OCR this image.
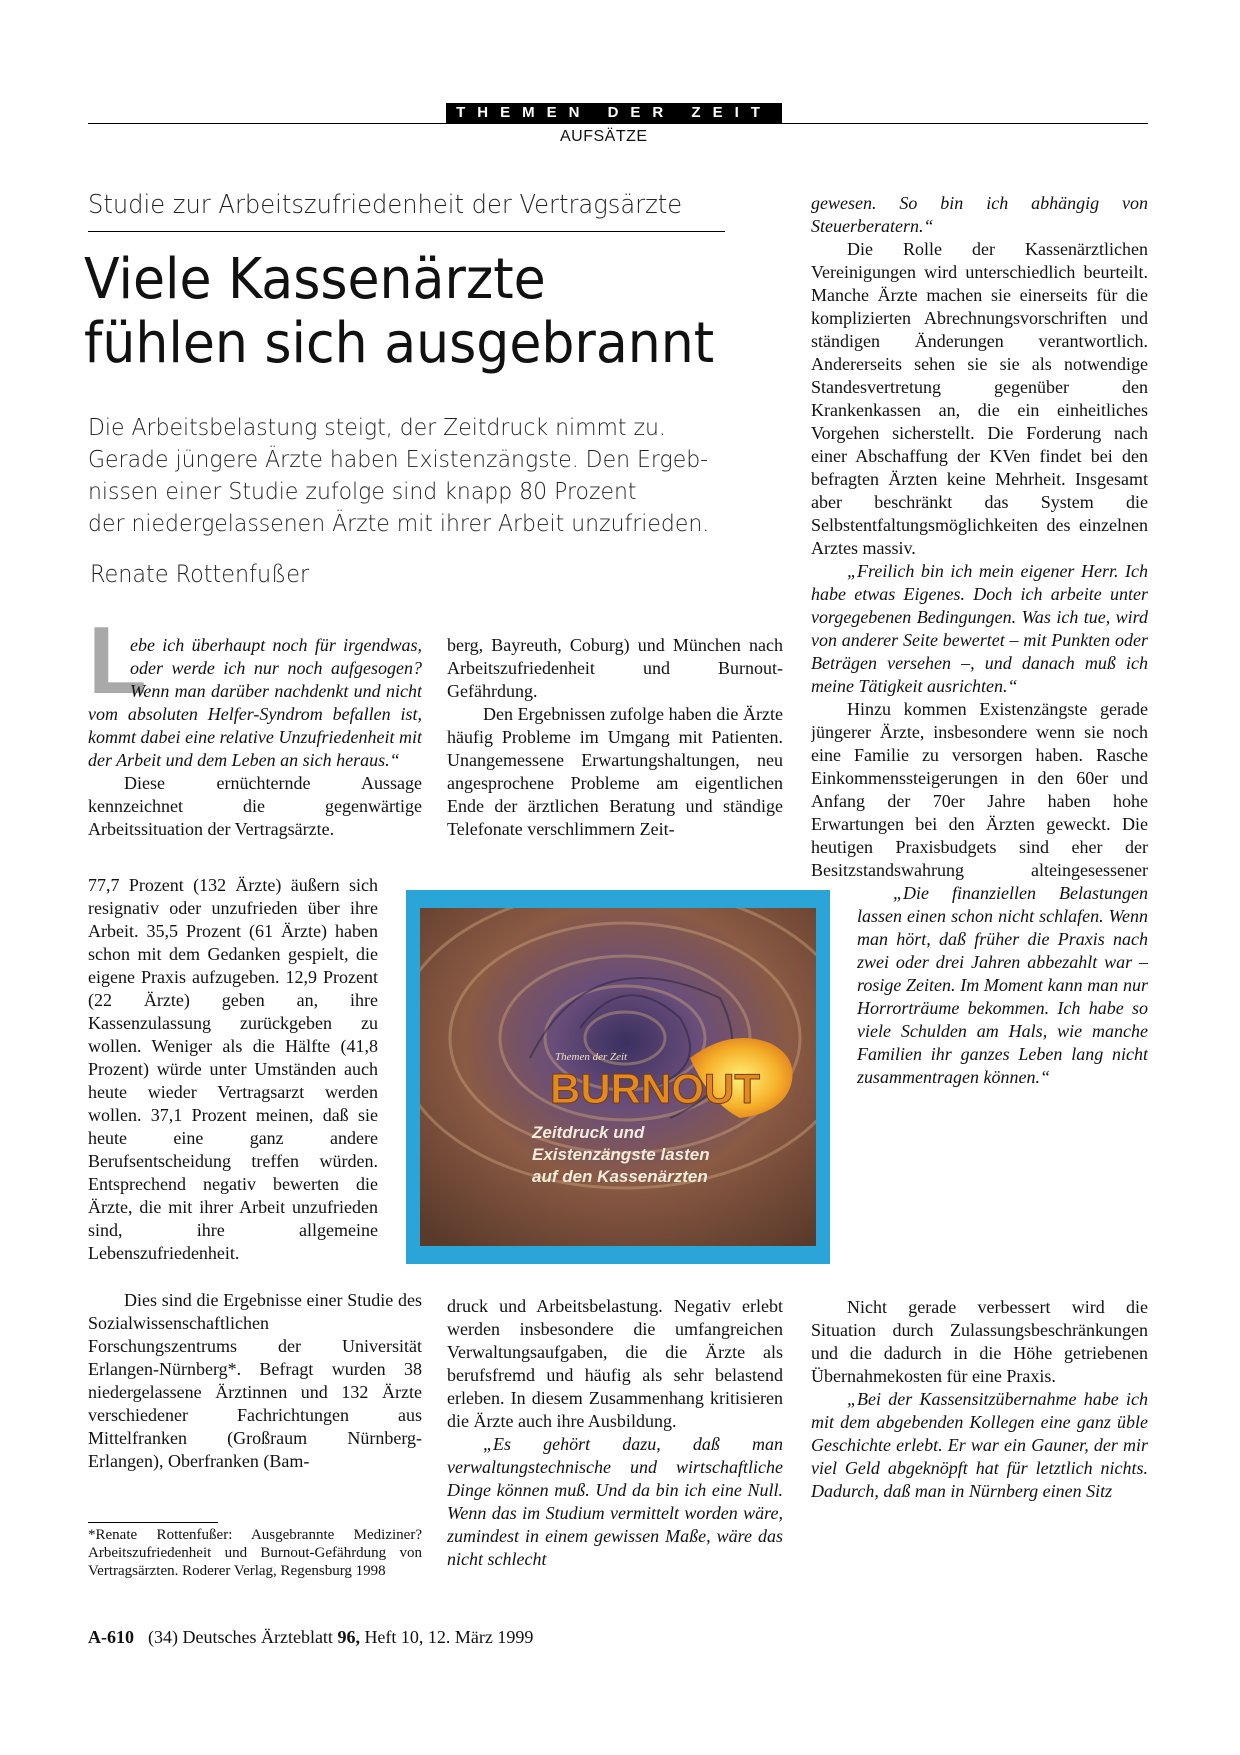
THEMEN DER ZEIT
AUFSÄTZE
Studie zur Arbeitszufriedenheit der Vertragsärzte
Viele Kassenärzte
fühlen sich ausgebrannt
Die Arbeitsbelastung steigt, der Zeitdruck nimmt zu.
Gerade jüngere Ärzte haben Existenzängste. Den Ergeb-
nissen einer Studie zufolge sind knapp 80 Prozent
der niedergelassenen Ärzte mit ihrer Arbeit unzufrieden.
Renate Rottenfußer
L

ebe ich überhaupt noch für irgendwas, oder werde ich nur noch aufgesogen? Wenn man darüber nachdenkt und nicht vom absoluten Helfer-Syndrom befallen ist, kommt dabei eine relative Unzufriedenheit mit der Arbeit und dem Leben an sich heraus.“

Diese ernüchternde Aussage kennzeichnet die gegenwärtige Arbeitssituation der Vertragsärzte.

77,7 Prozent (132 Ärzte) äußern sich resignativ oder unzufrieden über ihre Arbeit. 35,5 Prozent (61 Ärzte) haben schon mit dem Gedanken gespielt, die eigene Praxis aufzugeben. 12,9 Prozent (22 Ärzte) geben an, ihre Kassenzulassung zurückgeben zu wollen. Weniger als die Hälfte (41,8 Prozent) würde unter Umständen auch heute wieder Vertragsarzt werden wollen. 37,1 Prozent meinen, daß sie heute eine ganz andere Berufsentscheidung treffen würden. Entsprechend negativ bewerten die Ärzte, die mit ihrer Arbeit unzufrieden sind, ihre allgemeine Lebenszufriedenheit.

Dies sind die Ergebnisse einer Studie des Sozialwissenschaftlichen Forschungszentrums der Universität Erlangen-Nürnberg*. Befragt wurden 38 niedergelassene Ärztinnen und 132 Ärzte verschiedener Fachrichtungen aus Mittelfranken (Großraum Nürnberg-Erlangen), Oberfranken (Bam-

*Renate Rottenfußer: Ausgebrannte Mediziner? Arbeitszufriedenheit und Burnout-Gefährdung von Vertragsärzten. Roderer Verlag, Regensburg 1998

berg, Bayreuth, Coburg) und München nach Arbeitszufriedenheit und Burnout-Gefährdung.

Den Ergebnissen zufolge haben die Ärzte häufig Probleme im Umgang mit Patienten. Unangemessene Erwartungshaltungen, neu angesprochene Probleme am eigentlichen Ende der ärztlichen Beratung und ständige Telefonate verschlimmern Zeit-

druck und Arbeitsbelastung. Negativ erlebt werden insbesondere die umfangreichen Verwaltungsaufgaben, die die Ärzte als berufsfremd und häufig als sehr belastend erleben. In diesem Zusammenhang kritisieren die Ärzte auch ihre Ausbildung.

„Es gehört dazu, daß man verwaltungstechnische und wirtschaftliche Dinge können muß. Und da bin ich eine Null. Wenn das im Studium vermittelt worden wäre, zumindest in einem gewissen Maße, wäre das nicht schlecht

gewesen. So bin ich abhängig von Steuerberatern.“

Die Rolle der Kassenärztlichen Vereinigungen wird unterschiedlich beurteilt. Manche Ärzte machen sie einerseits für die komplizierten Abrechnungsvorschriften und ständigen Änderungen verantwortlich. Andererseits sehen sie sie als notwendige Standesvertretung gegenüber den Krankenkassen an, die ein einheitliches Vorgehen sicherstellt. Die Forderung nach einer Abschaffung der KVen findet bei den befragten Ärzten keine Mehrheit. Insgesamt aber beschränkt das System die Selbstentfaltungsmöglichkeiten des einzelnen Arztes massiv.

„Freilich bin ich mein eigener Herr. Ich habe etwas Eigenes. Doch ich arbeite unter vorgegebenen Bedingungen. Was ich tue, wird von anderer Seite bewertet – mit Punkten oder Beträgen versehen –, und danach muß ich meine Tätigkeit ausrichten.“

Hinzu kommen Existenzängste gerade jüngerer Ärzte, insbesondere wenn sie noch eine Familie zu versorgen haben. Rasche Einkommenssteigerungen in den 60er und Anfang der 70er Jahre haben hohe Erwartungen bei den Ärzten geweckt. Die heutigen Praxisbudgets sind eher der Besitzstandswahrung alteingesessener

„Die finanziellen Belastungen lassen einen schon nicht schlafen. Wenn man hört, daß früher die Praxis nach zwei oder drei Jahren abbezahlt war – rosige Zeiten. Im Moment kann man nur Horrorträume bekommen. Ich habe so viele Schulden am Hals, wie manche Familien ihr ganzes Leben lang nicht zusammentragen können.“

Nicht gerade verbessert wird die Situation durch Zulassungsbeschränkungen und die dadurch in die Höhe getriebenen Übernahmekosten für eine Praxis.

„Bei der Kassensitzübernahme habe ich mit dem abgebenden Kollegen eine ganz üble Geschichte erlebt. Er war ein Gauner, der mir viel Geld abgeknöpft hat für letztlich nichts. Dadurch, daß man in Nürnberg einen Sitz

Themen der Zeit
BURNOUT
Zeitdruck und
Existenzängste lasten
auf den Kassenärzten
A-610 (34) Deutsches Ärzteblatt 96, Heft 10, 12. März 1999
